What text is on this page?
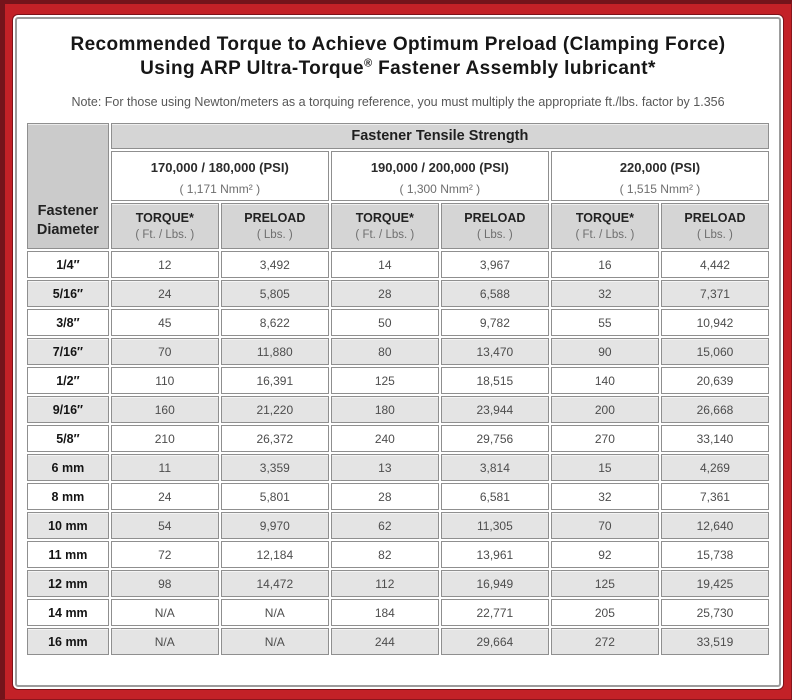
Recommended Torque to Achieve Optimum Preload (Clamping Force)
Using ARP Ultra-Torque® Fastener Assembly lubricant*
Note: For those using Newton/meters as a torquing reference, you must multiply the appropriate ft./lbs. factor by 1.356
Fastener Diameter	Fastener Tensile Strength					

	170,000 / 180,000 (PSI)
( 1,171 Nmm² )		190,000 / 200,000 (PSI)
( 1,300 Nmm² )		220,000 (PSI)
( 1,515 Nmm² )	

	TORQUE*
( Ft. / Lbs. )	PRELOAD
( Lbs. )	TORQUE*
( Ft. / Lbs. )	PRELOAD
( Lbs. )	TORQUE*
( Ft. / Lbs. )	PRELOAD
( Lbs. )

1/4″	12	3,492	14	3,967	16	4,442
5/16″	24	5,805	28	6,588	32	7,371
3/8″	45	8,622	50	9,782	55	10,942
7/16″	70	11,880	80	13,470	90	15,060
1/2″	110	16,391	125	18,515	140	20,639
9/16″	160	21,220	180	23,944	200	26,668
5/8″	210	26,372	240	29,756	270	33,140
6 mm	11	3,359	13	3,814	15	4,269
8 mm	24	5,801	28	6,581	32	7,361
10 mm	54	9,970	62	11,305	70	12,640
11 mm	72	12,184	82	13,961	92	15,738
12 mm	98	14,472	112	16,949	125	19,425
14 mm	N/A	N/A	184	22,771	205	25,730
16 mm	N/A	N/A	244	29,664	272	33,519
